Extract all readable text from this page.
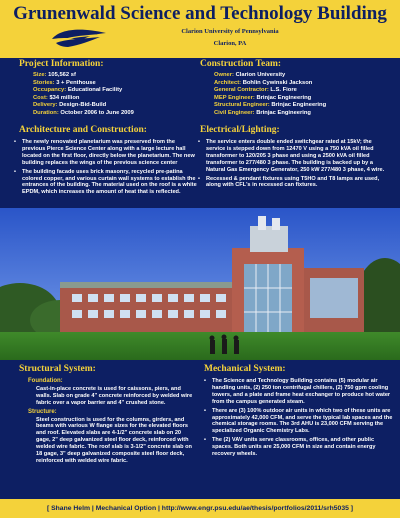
Grunenwald Science and Technology Building
Clarion University of Pennsylvania
Clarion, PA
Project Information:
Size: 105,562 sf
Stories: 3 + Penthouse
Occupancy: Educational Facility
Cost: $34 million
Delivery: Design-Bid-Build
Duration: October 2006 to June 2009
Construction Team:
Owner: Clarion University
Architect: Bohlin Cywinski Jackson
General Contractor: L.S. Fiore
MEP Engineer: Brinjac Engineering
Structural Engineer: Brinjac Engineering
Civil Engineer: Brinjac Engineering
Architecture and Construction:
• The newly renovated planetarium was preserved from the previous Pierce Science Center along with a large lecture hall located on the first floor, directly below the planetarium. The new building replaces the wings of the previous science center
• The building facade uses brick masonry, recycled pre-patina colored copper, and various curtain wall systems to establish the entrances of the building. The material used on the roof is a white EPDM, which increases the amount of heat that is reflected.
Electrical/Lighting:
• The service enters double ended switchgear rated at 15kV; the service is stepped down from 12470 V using a 750 kVA oil filled transformer to 120/205 3 phase and using a 2500 kVA oil filled transformer to 277/480 3 phase. The building is backed up by a Natural Gas Emergency Generator, 250 kW 277/480 3 phase, 4 wire.
• Recessed & pendant fixtures using T5HO and T8 lamps are used, along with CFL's in recessed can fixtures.
Structural System:
Foundation:
Cast-in-place concrete is used for caissons, piers, and walls. Slab on grade 4" concrete reinforced by welded wire fabric over a vapor barrier and 4" crushed stone.
Structure:
Steel construction is used for the columns, girders, and beams with various W flange sizes for the elevated floors and roof. Elevated slabs are 4-1/2" concrete slab on 20 gage, 2" deep galvanized steel floor deck, reinforced with welded wire fabric. The roof slab is 3-1/2" concrete slab on 18 gage, 3" deep galvanized composite steel floor deck, reinforced with welded wire fabric.
Mechanical System:
• The Science and Technology Building contains (5) modular air handling units, (2) 250 ton centrifugal chillers, (2) 750 gpm cooling towers, and a plate and frame heat exchanger to produce hot water from the campus generated steam.
• There are (3) 100% outdoor air units in which two of these units are approximately 42,000 CFM, and serve the typical lab spaces and the chemical storage rooms. The 3rd AHU is 23,000 CFM serving the specialized Organic Chemistry Labs.
• The (2) VAV units serve classrooms, offices, and other public spaces. Both units are 25,000 CFM in size and contain energy recovery wheels.
[ Shane Helm | Mechanical Option | http://www.engr.psu.edu/ae/thesis/portfolios/2011/srh5035 ]
